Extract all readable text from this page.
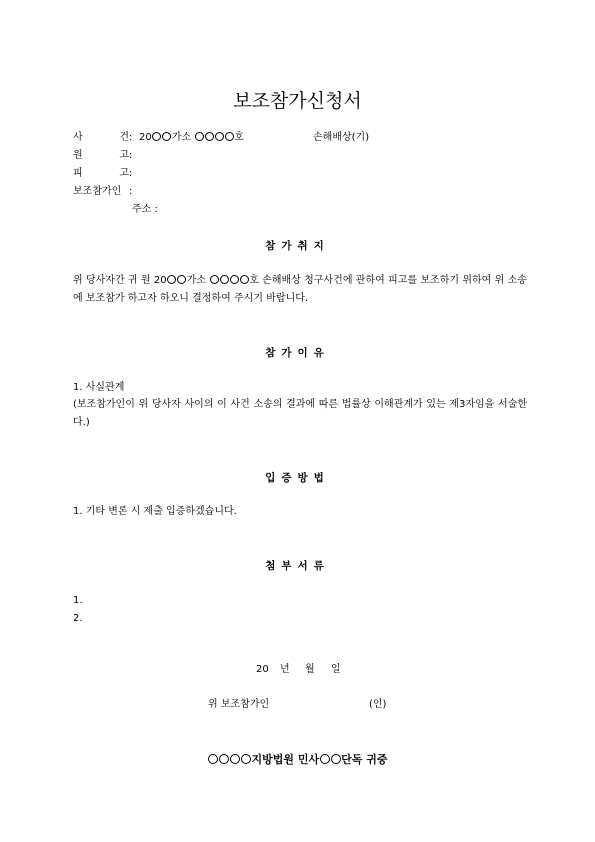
보조참가신청서
사	건 : 20 가소	호	손해배상(기)
원	고 :
피	고 :
보조참가인 :
주소 :
참가취지
위 당사자간 귀 원 20 가소	호 손해배상 청구사건에 관하여 피고를 보조하기 위하여 위 소송에 보조참가 하고자 하오니 결정하여 주시기 바랍니다.
참가이유
1. 사실관계
(보조참가인이 위 당사자 사이의 이 사건 소송의 결과에 따른 법률상 이해관계가 있는 제3자임을 서술한다.)
입증방법
1. 기타 변론 시 제출 입증하겠습니다.
첨부서류
1.
2.
20 년 월 일
위 보조참가인	(인)
지방법원 민사 단독 귀중
